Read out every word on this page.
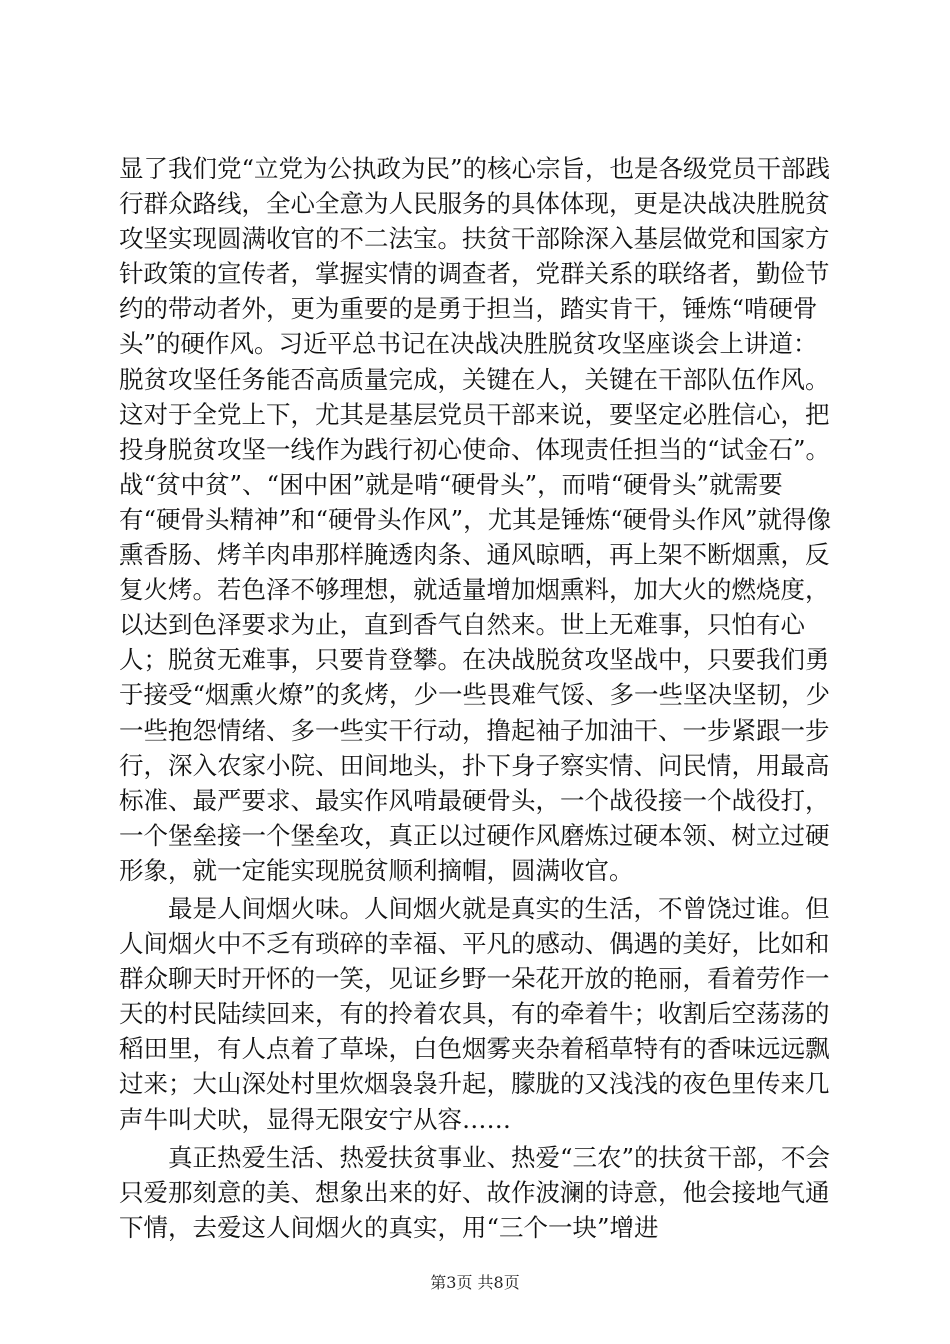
显了我们党“立党为公执政为民”的核心宗旨，也是各级党员干部践行群众路线，全心全意为人民服务的具体体现，更是决战决胜脱贫攻坚实现圆满收官的不二法宝。扶贫干部除深入基层做党和国家方针政策的宣传者，掌握实情的调查者，党群关系的联络者，勤俭节约的带动者外，更为重要的是勇于担当，踏实肯干，锤炼“啃硬骨头”的硬作风。习近平总书记在决战决胜脱贫攻坚座谈会上讲道：脱贫攻坚任务能否高质量完成，关键在人，关键在干部队伍作风。这对于全党上下，尤其是基层党员干部来说，要坚定必胜信心，把投身脱贫攻坚一线作为践行初心使命、体现责任担当的“试金石”。战“贫中贫”、“困中困”就是啃“硬骨头”，而啃“硬骨头”就需要有“硬骨头精神”和“硬骨头作风”，尤其是锤炼“硬骨头作风”就得像熏香肠、烤羊肉串那样腌透肉条、通风晾晒，再上架不断烟熏，反复火烤。若色泽不够理想，就适量增加烟熏料，加大火的燃烧度，以达到色泽要求为止，直到香气自然来。世上无难事，只怕有心人；脱贫无难事，只要肯登攀。在决战脱贫攻坚战中，只要我们勇于接受“烟熏火燎”的炙烤，少一些畏难气馁、多一些坚决坚韧，少一些抱怨情绪、多一些实干行动，撸起袖子加油干、一步紧跟一步行，深入农家小院、田间地头，扑下身子察实情、问民情，用最高标准、最严要求、最实作风啃最硬骨头，一个战役接一个战役打，一个堡垒接一个堡垒攻，真正以过硬作风磨炼过硬本领、树立过硬形象，就一定能实现脱贫顺利摘帽，圆满收官。

最是人间烟火味。人间烟火就是真实的生活，不曾饶过谁。但人间烟火中不乏有琐碎的幸福、平凡的感动、偶遇的美好，比如和群众聊天时开怀的一笑，见证乡野一朵花开放的艳丽，看着劳作一天的村民陆续回来，有的拎着农具，有的牵着牛；收割后空荡荡的稻田里，有人点着了草垛，白色烟雾夹杂着稻草特有的香味远远飘过来；大山深处村里炊烟袅袅升起，朦胧的又浅浅的夜色里传来几声牛叫犬吠，显得无限安宁从容……

真正热爱生活、热爱扶贫事业、热爱“三农”的扶贫干部，不会只爱那刻意的美、想象出来的好、故作波澜的诗意，他会接地气通下情，去爱这人间烟火的真实，用“三个一块”增进

第3页 共8页
